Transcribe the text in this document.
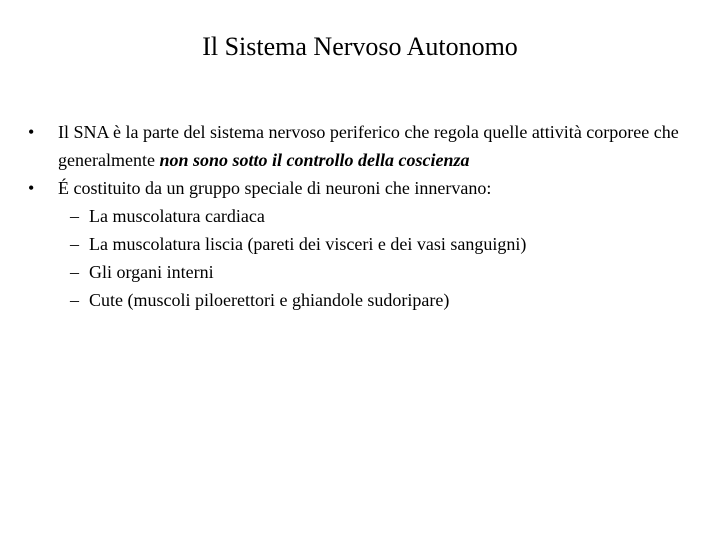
Il Sistema Nervoso Autonomo
• Il SNA è la parte del sistema nervoso periferico che regola quelle attività corporee che generalmente non sono sotto il controllo della coscienza
• É costituito da un gruppo speciale di neuroni che innervano:
– La muscolatura cardiaca
– La muscolatura liscia (pareti dei visceri e dei vasi sanguigni)
– Gli organi interni
– Cute (muscoli piloerettori e ghiandole sudoripare)
